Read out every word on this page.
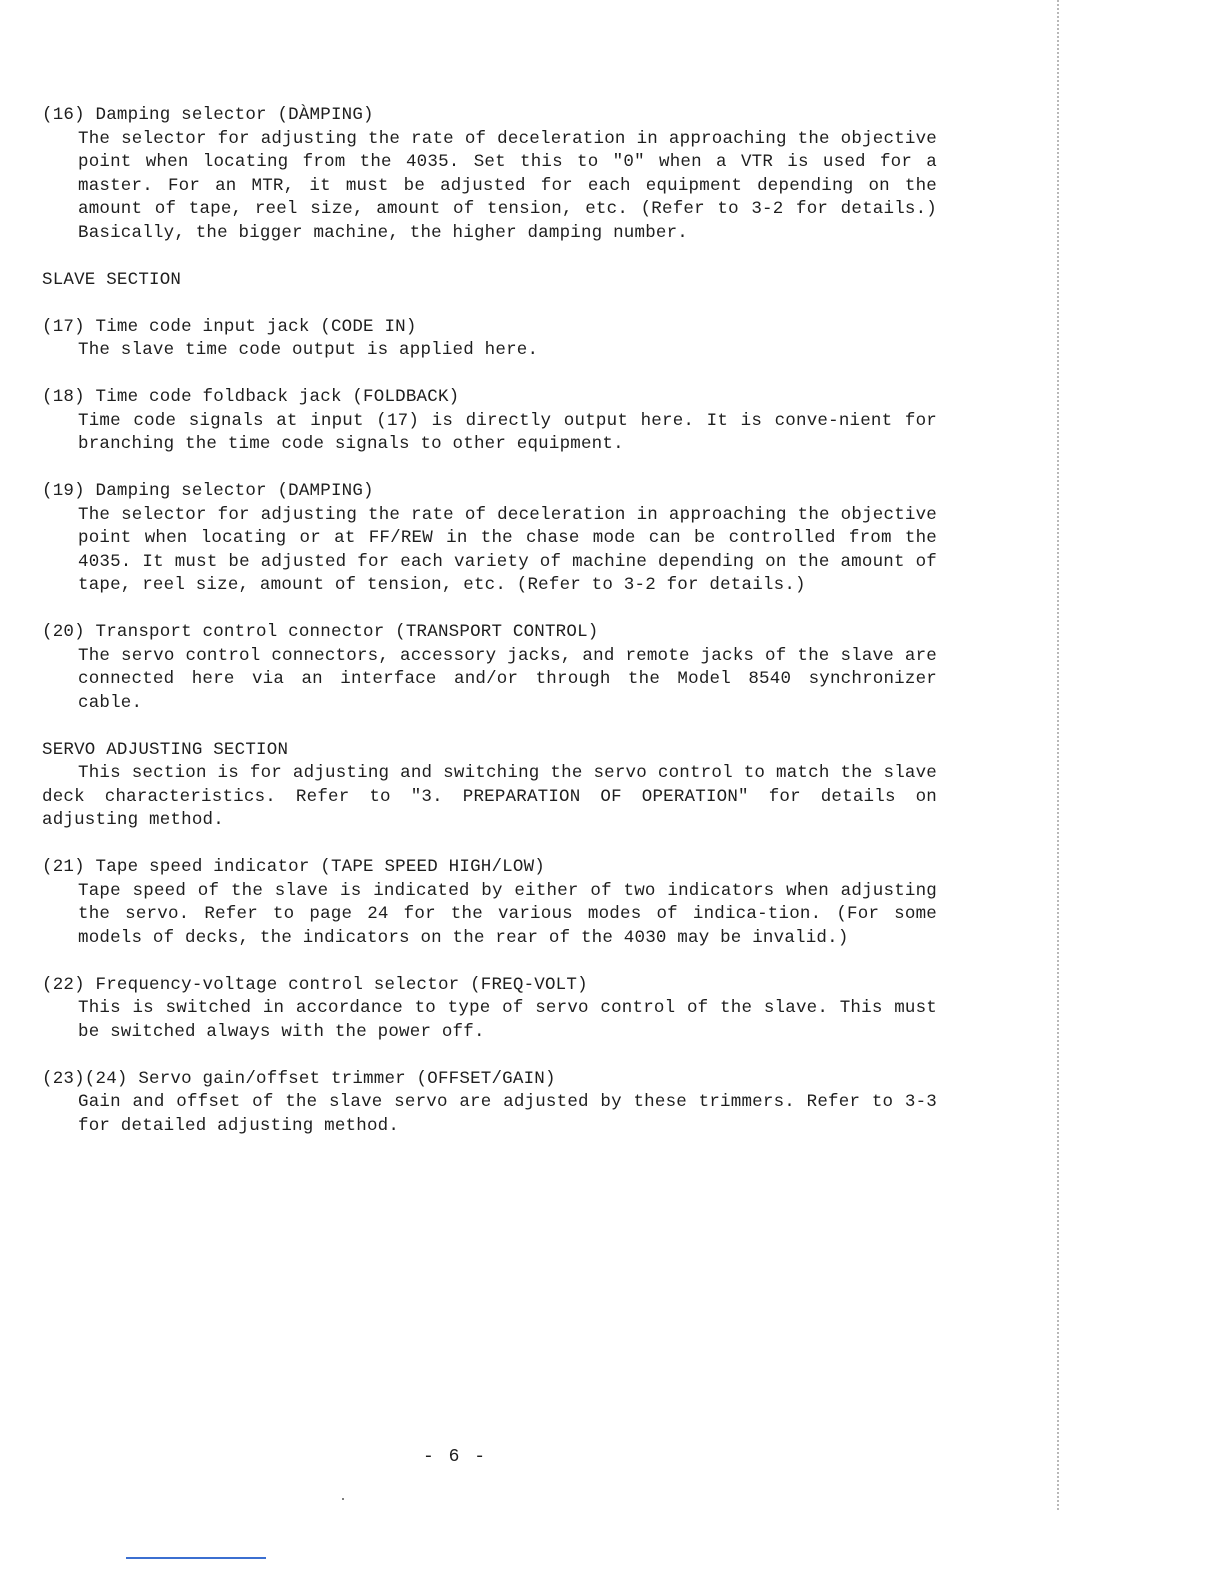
(16) Damping selector (DÀMPING)

The selector for adjusting the rate of deceleration in approaching the objective point when locating from the 4035. Set this to "0" when a VTR is used for a master. For an MTR, it must be adjusted for each equipment depending on the amount of tape, reel size, amount of tension, etc. (Refer to 3-2 for details.) Basically, the bigger machine, the higher damping number.

SLAVE SECTION

(17) Time code input jack (CODE IN)

The slave time code output is applied here.

(18) Time code foldback jack (FOLDBACK)

Time code signals at input (17) is directly output here. It is conve-nient for branching the time code signals to other equipment.

(19) Damping selector (DAMPING)

The selector for adjusting the rate of deceleration in approaching the objective point when locating or at FF/REW in the chase mode can be controlled from the 4035. It must be adjusted for each variety of machine depending on the amount of tape, reel size, amount of tension, etc. (Refer to 3-2 for details.)

(20) Transport control connector (TRANSPORT CONTROL)

The servo control connectors, accessory jacks, and remote jacks of the slave are connected here via an interface and/or through the Model 8540 synchronizer cable.

SERVO ADJUSTING SECTION

This section is for adjusting and switching the servo control to match the slave deck characteristics. Refer to "3. PREPARATION OF OPERATION" for details on adjusting method.

(21) Tape speed indicator (TAPE SPEED HIGH/LOW)

Tape speed of the slave is indicated by either of two indicators when adjusting the servo. Refer to page 24 for the various modes of indica-tion. (For some models of decks, the indicators on the rear of the 4030 may be invalid.)

(22) Frequency-voltage control selector (FREQ-VOLT)

This is switched in accordance to type of servo control of the slave. This must be switched always with the power off.

(23)(24) Servo gain/offset trimmer (OFFSET/GAIN)

Gain and offset of the slave servo are adjusted by these trimmers. Refer to 3-3 for detailed adjusting method.

- 6 -
